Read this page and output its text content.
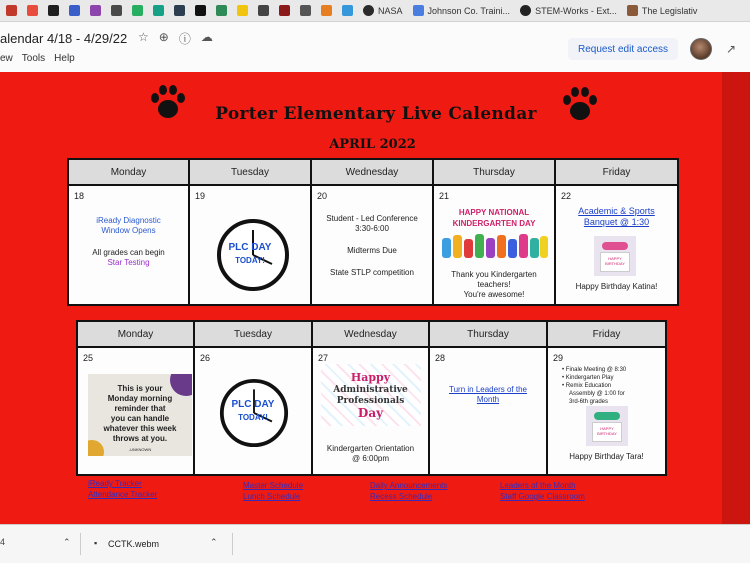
NASA	Johnson Co. Traini...	STEM-Works - Ext...	The Legislativ
alendar 4/18 - 4/29/22 ☆ ⊕ ⓘ ☁
ew Tools Help
Request edit access	↗
Porter Elementary Live Calendar
APRIL 2022
Monday	Tuesday	Wednesday	Thursday	Friday
18
iReady Diagnostic
Window Opens
All grades can begin
Star Testing
19
PLC DAY
TODAY!
20
Student - Led Conference
3:30-6:00
Midterms Due
State STLP competition
21
HAPPY NATIONAL
KINDERGARTEN DAY
Thank you Kindergarten
teachers!
You're awesome!
22
Academic & Sports
Banquet @ 1:30
HAPPY BIRTHDAY
Happy Birthday Katina!
Monday	Tuesday	Wednesday	Thursday	Friday
25
This is your
Monday morning
reminder that
you can handle
whatever this week
throws at you.
-UNKNOWN
26
PLC DAY
TODAY!
27
Happy
Administrative
Professionals
Day
Kindergarten Orientation
@ 6:00pm
28
Turn in Leaders of the
Month
29
• Finale Meeting @ 8:30
• Kindergarten Play
• Remix Education
Assembly @ 1:00 for
3rd-6th grades
HAPPY BIRTHDAY
Happy Birthday Tara!
iReady Tracker
Attendance Tracker
Master Schedule
Lunch Schedule
Daily Announcements
Recess Schedule
Leaders of the Month
Staff Google Classroom
4	⌃	▪ CCTK.webm	⌃
